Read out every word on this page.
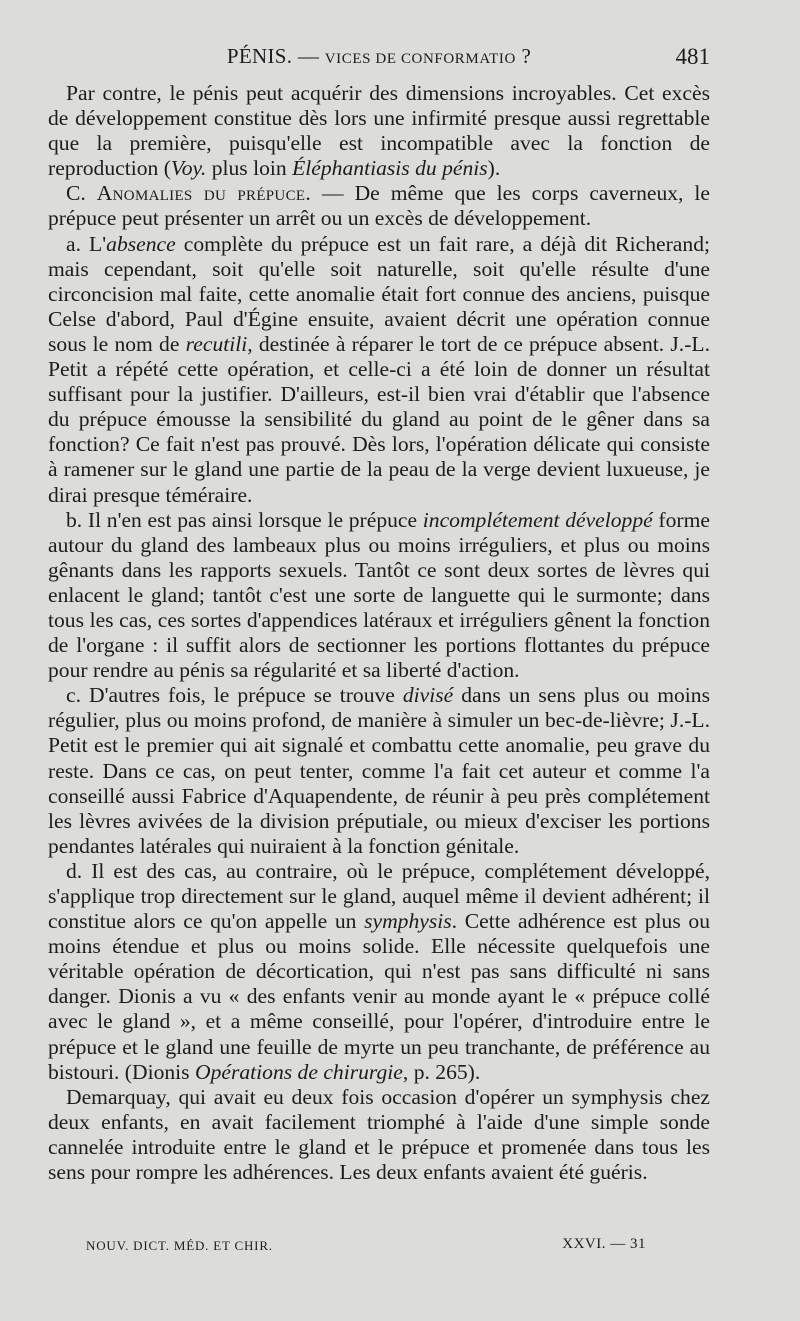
PÉNIS. — VICES DE CONFORMATIO ?	481

Par contre, le pénis peut acquérir des dimensions incroyables. Cet excès de développement constitue dès lors une infirmité presque aussi regrettable que la première, puisqu'elle est incompatible avec la fonction de reproduction (Voy. plus loin Éléphantiasis du pénis).

C. Anomalies du prépuce. — De même que les corps caverneux, le prépuce peut présenter un arrêt ou un excès de développement.

a. L'absence complète du prépuce est un fait rare, a déjà dit Richerand; mais cependant, soit qu'elle soit naturelle, soit qu'elle résulte d'une circoncision mal faite, cette anomalie était fort connue des anciens, puisque Celse d'abord, Paul d'Égine ensuite, avaient décrit une opération connue sous le nom de recutili, destinée à réparer le tort de ce prépuce absent. J.-L. Petit a répété cette opération, et celle-ci a été loin de donner un résultat suffisant pour la justifier. D'ailleurs, est-il bien vrai d'établir que l'absence du prépuce émousse la sensibilité du gland au point de le gêner dans sa fonction? Ce fait n'est pas prouvé. Dès lors, l'opération délicate qui consiste à ramener sur le gland une partie de la peau de la verge devient luxueuse, je dirai presque téméraire.

b. Il n'en est pas ainsi lorsque le prépuce incomplétement développé forme autour du gland des lambeaux plus ou moins irréguliers, et plus ou moins gênants dans les rapports sexuels. Tantôt ce sont deux sortes de lèvres qui enlacent le gland; tantôt c'est une sorte de languette qui le surmonte; dans tous les cas, ces sortes d'appendices latéraux et irréguliers gênent la fonction de l'organe : il suffit alors de sectionner les portions flottantes du prépuce pour rendre au pénis sa régularité et sa liberté d'action.

c. D'autres fois, le prépuce se trouve divisé dans un sens plus ou moins régulier, plus ou moins profond, de manière à simuler un bec-de-lièvre; J.-L. Petit est le premier qui ait signalé et combattu cette anomalie, peu grave du reste. Dans ce cas, on peut tenter, comme l'a fait cet auteur et comme l'a conseillé aussi Fabrice d'Aquapendente, de réunir à peu près complétement les lèvres avivées de la division préputiale, ou mieux d'exciser les portions pendantes latérales qui nuiraient à la fonction génitale.

d. Il est des cas, au contraire, où le prépuce, complétement développé, s'applique trop directement sur le gland, auquel même il devient adhérent; il constitue alors ce qu'on appelle un symphysis. Cette adhérence est plus ou moins étendue et plus ou moins solide. Elle nécessite quelquefois une véritable opération de décortication, qui n'est pas sans difficulté ni sans danger. Dionis a vu « des enfants venir au monde ayant le « prépuce collé avec le gland », et a même conseillé, pour l'opérer, d'introduire entre le prépuce et le gland une feuille de myrte un peu tranchante, de préférence au bistouri. (Dionis Opérations de chirurgie, p. 265).

Demarquay, qui avait eu deux fois occasion d'opérer un symphysis chez deux enfants, en avait facilement triomphé à l'aide d'une simple sonde cannelée introduite entre le gland et le prépuce et promenée dans tous les sens pour rompre les adhérences. Les deux enfants avaient été guéris.

NOUV. DICT. MÉD. ET CHIR.	XXVI. — 31
